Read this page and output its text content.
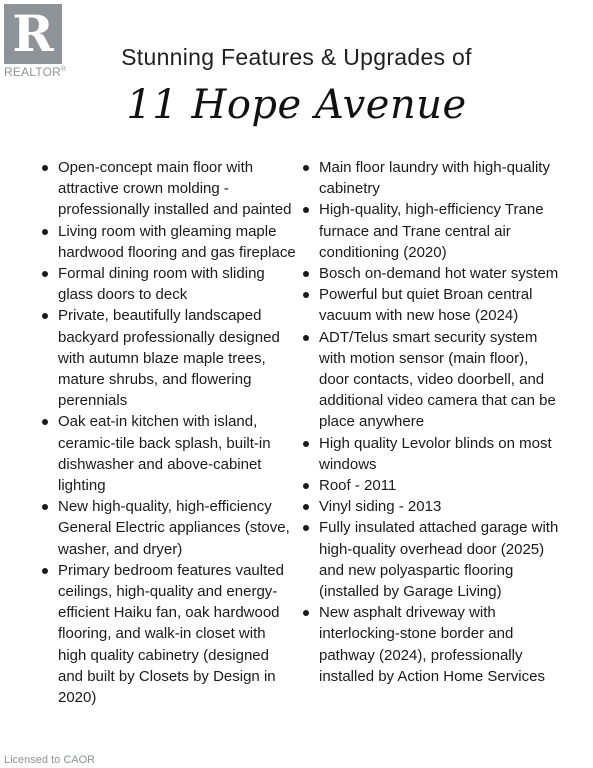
R
REALTOR®	Stunning Features & Upgrades of
11 Hope Avenue
Open-concept main floor with attractive crown molding - professionally installed and painted
Living room with gleaming maple hardwood flooring and gas fireplace
Formal dining room with sliding glass doors to deck
Private, beautifully landscaped backyard professionally designed with autumn blaze maple trees, mature shrubs, and flowering perennials
Oak eat-in kitchen with island, ceramic-tile back splash, built-in dishwasher and above-cabinet lighting
New high-quality, high-efficiency General Electric appliances (stove, washer, and dryer)
Primary bedroom features vaulted ceilings, high-quality and energy-efficient Haiku fan, oak hardwood flooring, and walk-in closet with high quality cabinetry (designed and built by Closets by Design in 2020)
Main floor laundry with high-quality cabinetry
High-quality, high-efficiency Trane furnace and Trane central air conditioning (2020)
Bosch on-demand hot water system
Powerful but quiet Broan central vacuum with new hose (2024)
ADT/Telus smart security system with motion sensor (main floor), door contacts, video doorbell, and additional video camera that can be place anywhere
High quality Levolor blinds on most windows
Roof - 2011
Vinyl siding - 2013
Fully insulated attached garage with high-quality overhead door (2025) and new polyaspartic flooring (installed by Garage Living)
New asphalt driveway with interlocking-stone border and pathway (2024), professionally installed by Action Home Services
Licensed to CAOR
